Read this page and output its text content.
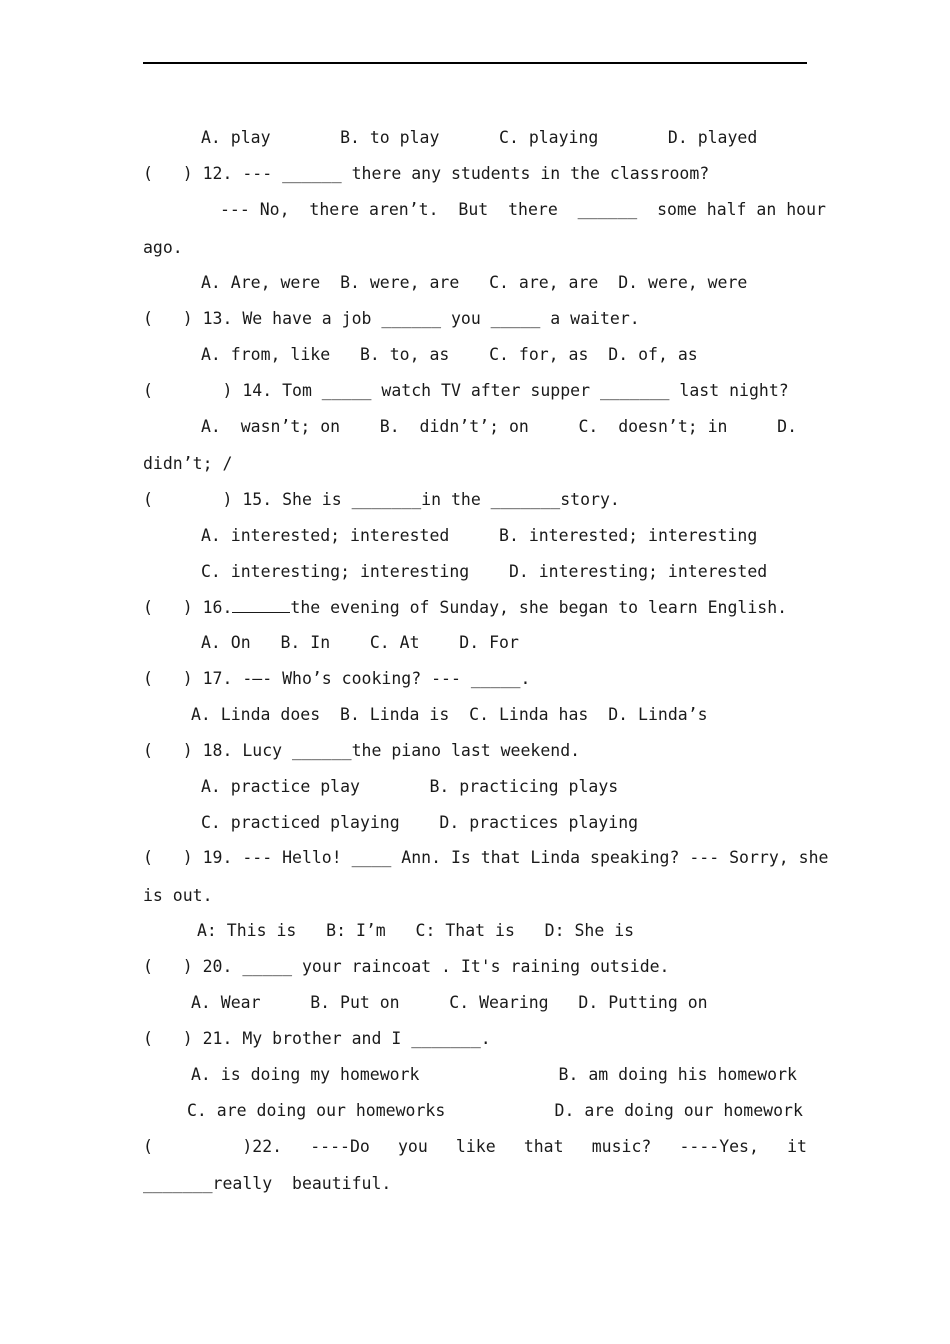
A. play       B. to play      C. playing       D. played
(   ) 12. --- ______ there any students in the classroom?
--- No,  there aren’t.  But  there  ______  some half an hour
ago.
A. Are, were  B. were, are   C. are, are  D. were, were
(   ) 13. We have a job ______ you _____ a waiter.
A. from, like   B. to, as    C. for, as  D. of, as
(       ) 14. Tom _____ watch TV after supper _______ last night?
A.  wasn’t; on    B.  didn’t’; on     C.  doesn’t; in     D.
didn’t; /
(       ) 15. She is _______in the _______story.
A. interested; interested     B. interested; interesting
C. interesting; interesting    D. interesting; interested
(   ) 16.	the evening of Sunday, she began to learn English.
A. On   B. In    C. At    D. For
(   ) 17. -–- Who’s cooking? --- _____.
A. Linda does  B. Linda is  C. Linda has  D. Linda’s
(   ) 18. Lucy ______the piano last weekend.
A. practice play       B. practicing plays
C. practiced playing    D. practices playing
(   ) 19. --- Hello! ____ Ann. Is that Linda speaking? --- Sorry, she
is out.
A: This is   B: I’m   C: That is   D: She is
(   ) 20. _____ your raincoat . It's raining outside.
A. Wear     B. Put on     C. Wearing   D. Putting on
(   ) 21. My brother and I _______.
A. is doing my homework              B. am doing his homework
C. are doing our homeworks           D. are doing our homework
(         )22. ----Do you like that music? ----Yes, it
_______really  beautiful.
